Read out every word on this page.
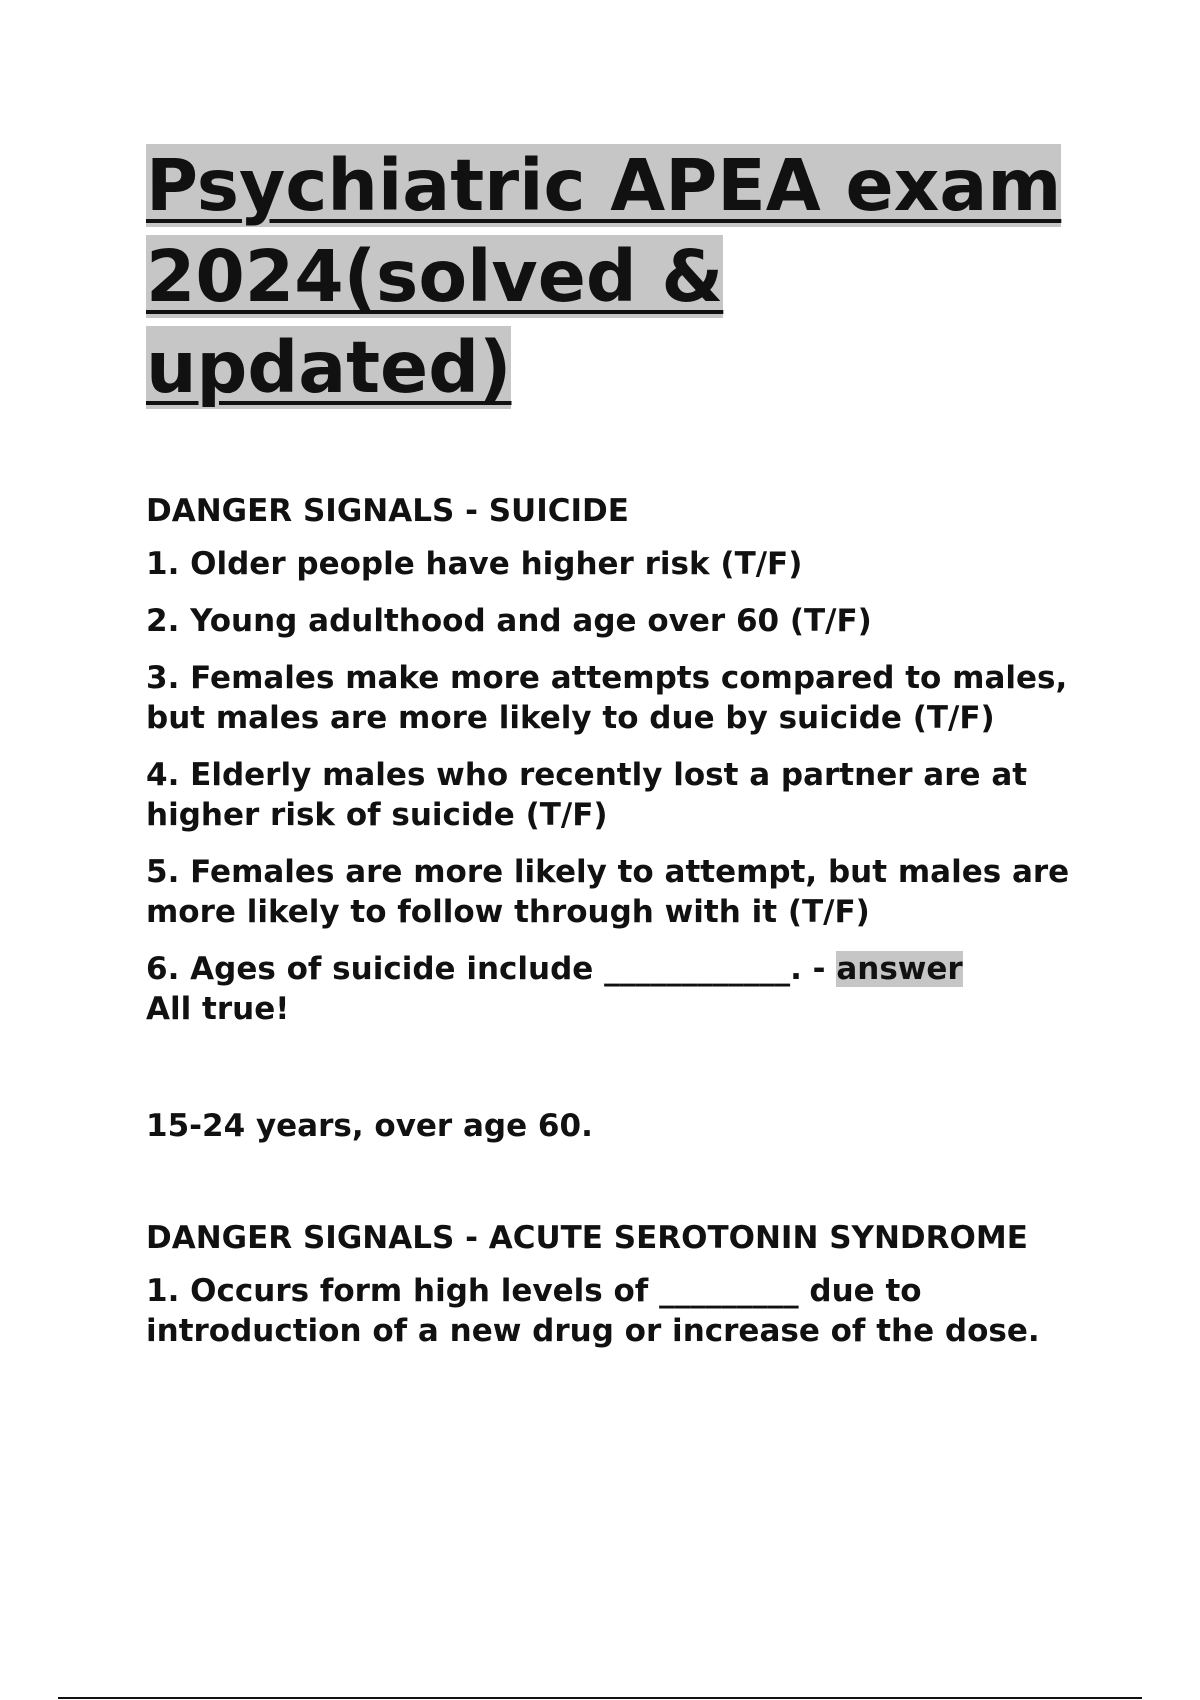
Psychiatric APEA exam
2024(solved &
updated)

DANGER SIGNALS - SUICIDE

1. Older people have higher risk (T/F)

2. Young adulthood and age over 60 (T/F)

3. Females make more attempts compared to males, but males are more likely to due by suicide (T/F)

4. Elderly males who recently lost a partner are at higher risk of suicide (T/F)

5. Females are more likely to attempt, but males are more likely to follow through with it (T/F)

6. Ages of suicide include ____________. - answer
All true!

15-24 years, over age 60.

DANGER SIGNALS - ACUTE SEROTONIN SYNDROME

1. Occurs form high levels of _________ due to introduction of a new drug or increase of the dose.
